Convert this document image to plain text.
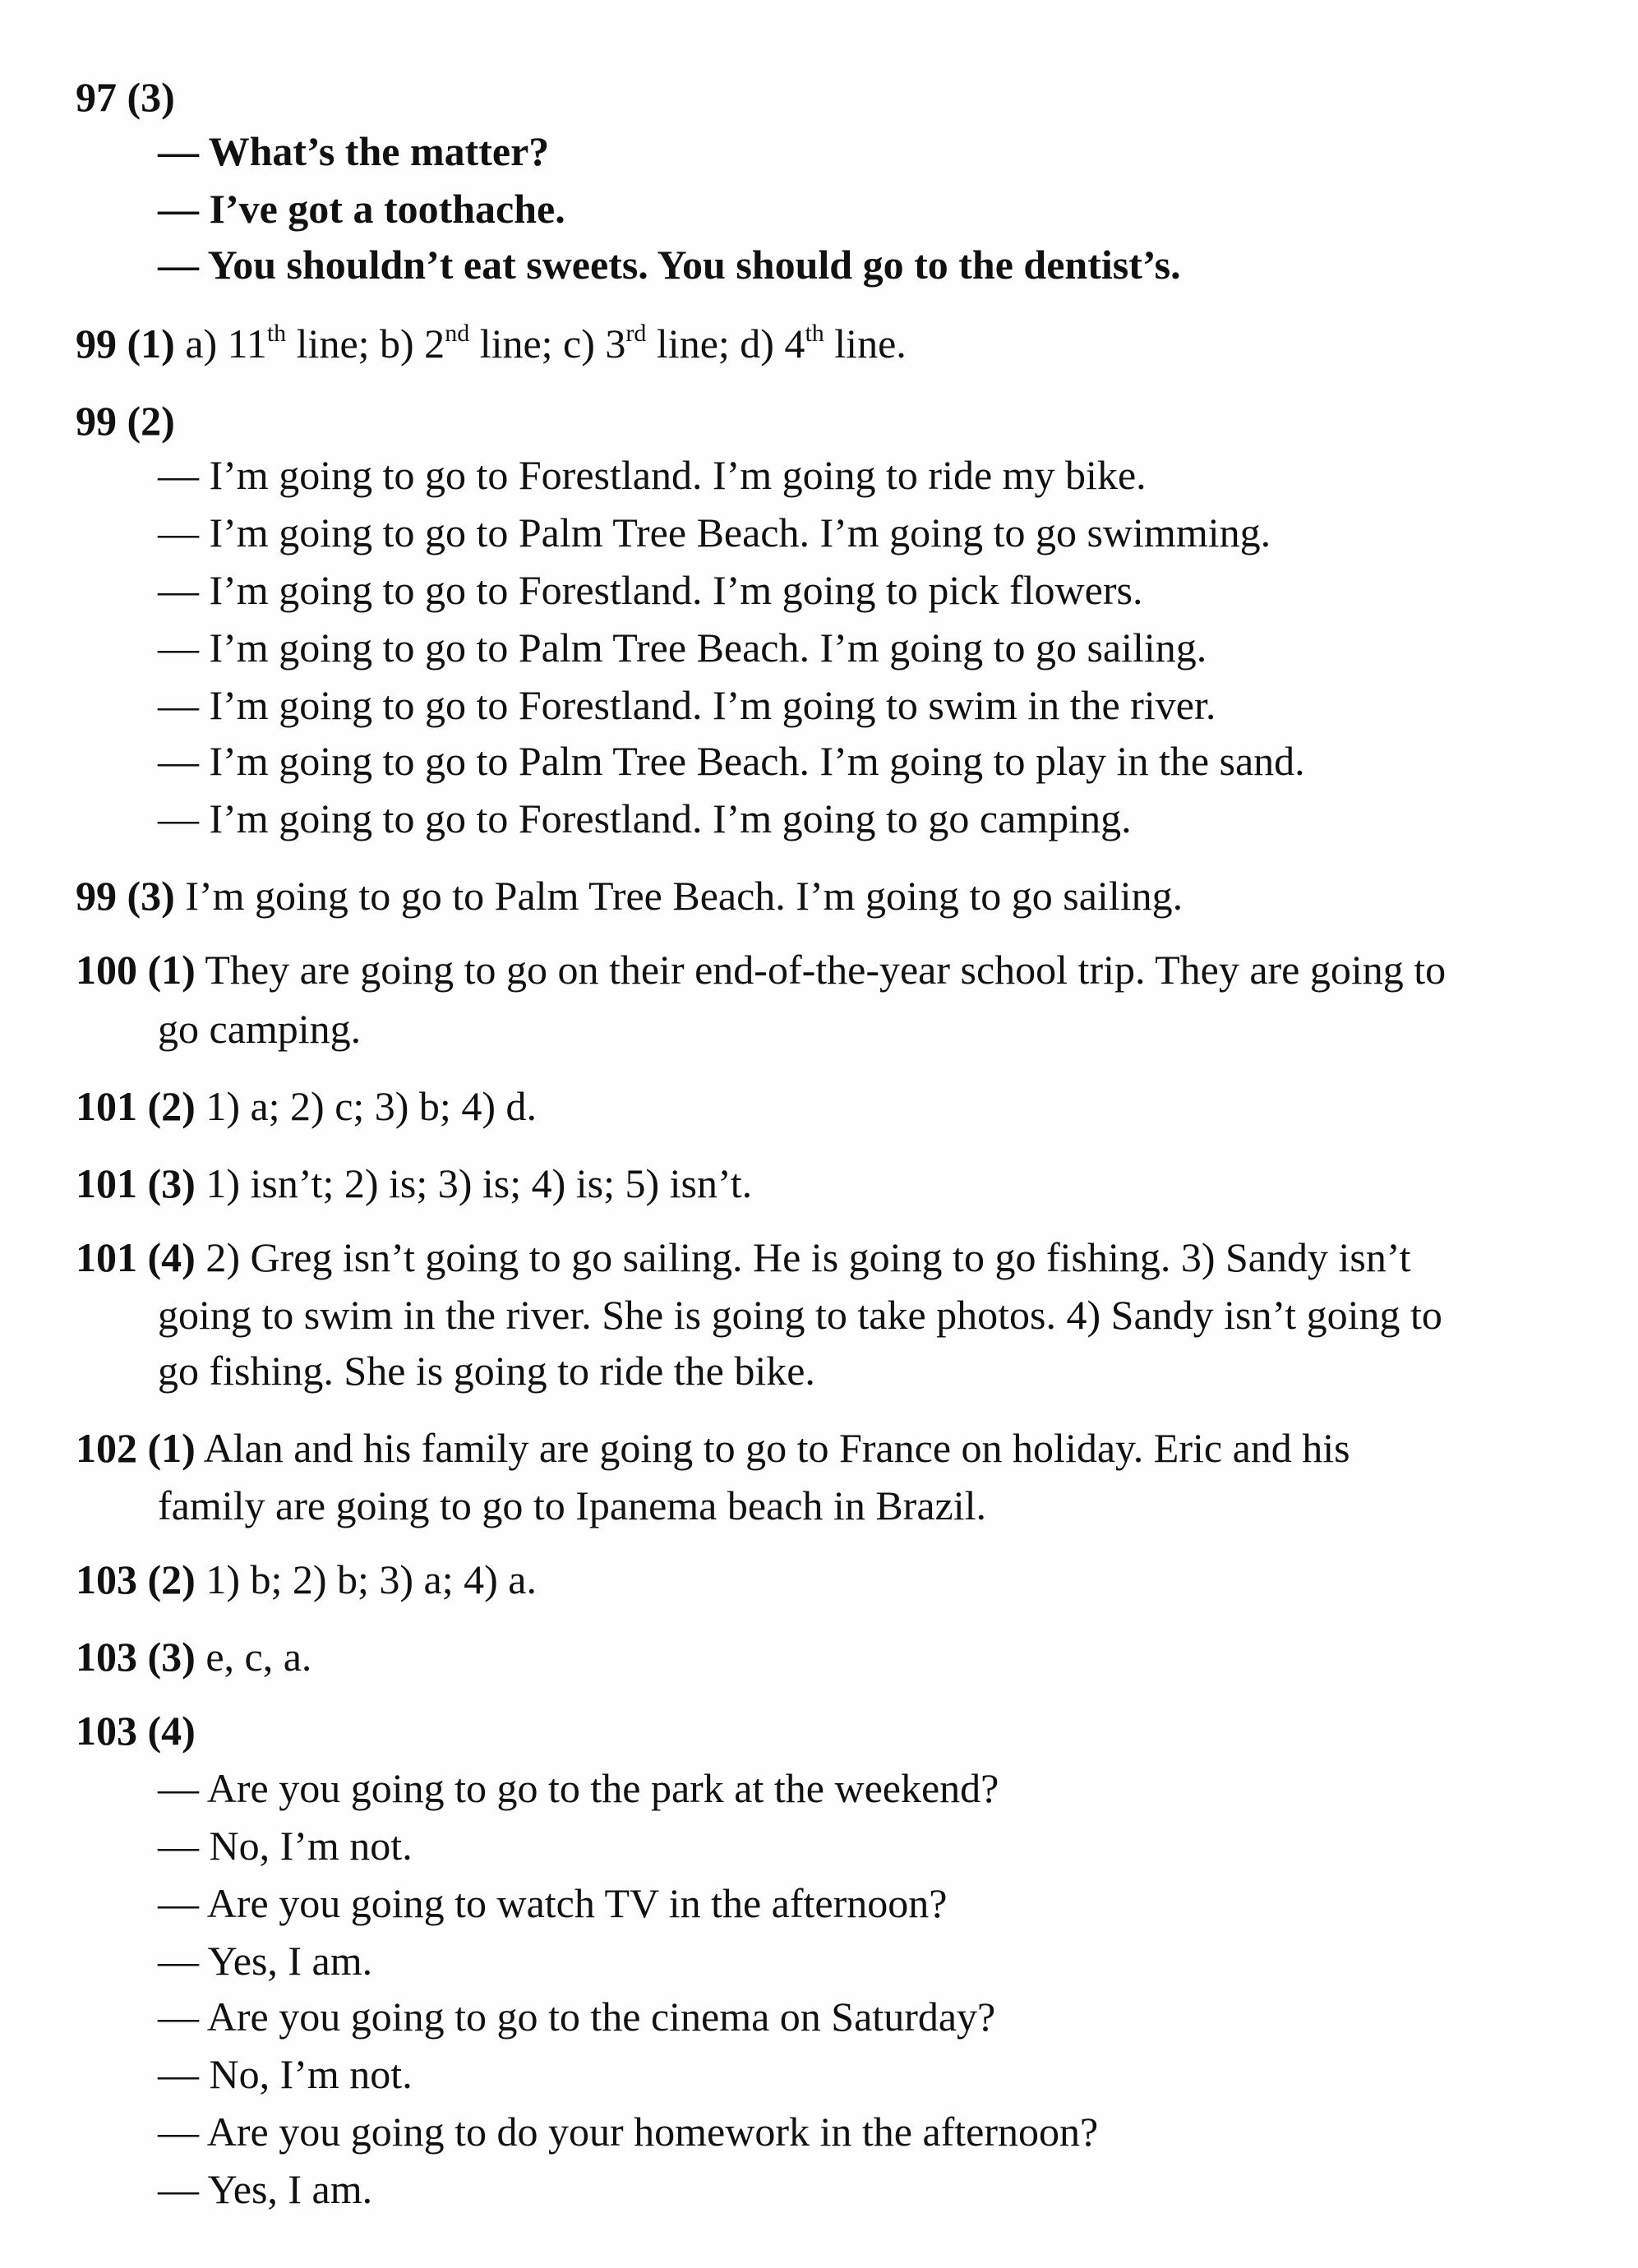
97 (3)
— What’s the matter?
— I’ve got a toothache.
— You shouldn’t eat sweets. You should go to the dentist’s.
99 (1) a) 11th line; b) 2nd line; c) 3rd line; d) 4th line.
99 (2)
— I’m going to go to Forestland. I’m going to ride my bike.
— I’m going to go to Palm Tree Beach. I’m going to go swimming.
— I’m going to go to Forestland. I’m going to pick flowers.
— I’m going to go to Palm Tree Beach. I’m going to go sailing.
— I’m going to go to Forestland. I’m going to swim in the river.
— I’m going to go to Palm Tree Beach. I’m going to play in the sand.
— I’m going to go to Forestland. I’m going to go camping.
99 (3) I’m going to go to Palm Tree Beach. I’m going to go sailing.
100 (1) They are going to go on their end-of-the-year school trip. They are going to
go camping.
101 (2) 1) a; 2) c; 3) b; 4) d.
101 (3) 1) isn’t; 2) is; 3) is; 4) is; 5) isn’t.
101 (4) 2) Greg isn’t going to go sailing. He is going to go fishing. 3) Sandy isn’t
going to swim in the river. She is going to take photos. 4) Sandy isn’t going to
go fishing. She is going to ride the bike.
102 (1) Alan and his family are going to go to France on holiday. Eric and his
family are going to go to Ipanema beach in Brazil.
103 (2) 1) b; 2) b; 3) a; 4) a.
103 (3) e, c, a.
103 (4)
— Are you going to go to the park at the weekend?
— No, I’m not.
— Are you going to watch TV in the afternoon?
— Yes, I am.
— Are you going to go to the cinema on Saturday?
— No, I’m not.
— Are you going to do your homework in the afternoon?
— Yes, I am.
